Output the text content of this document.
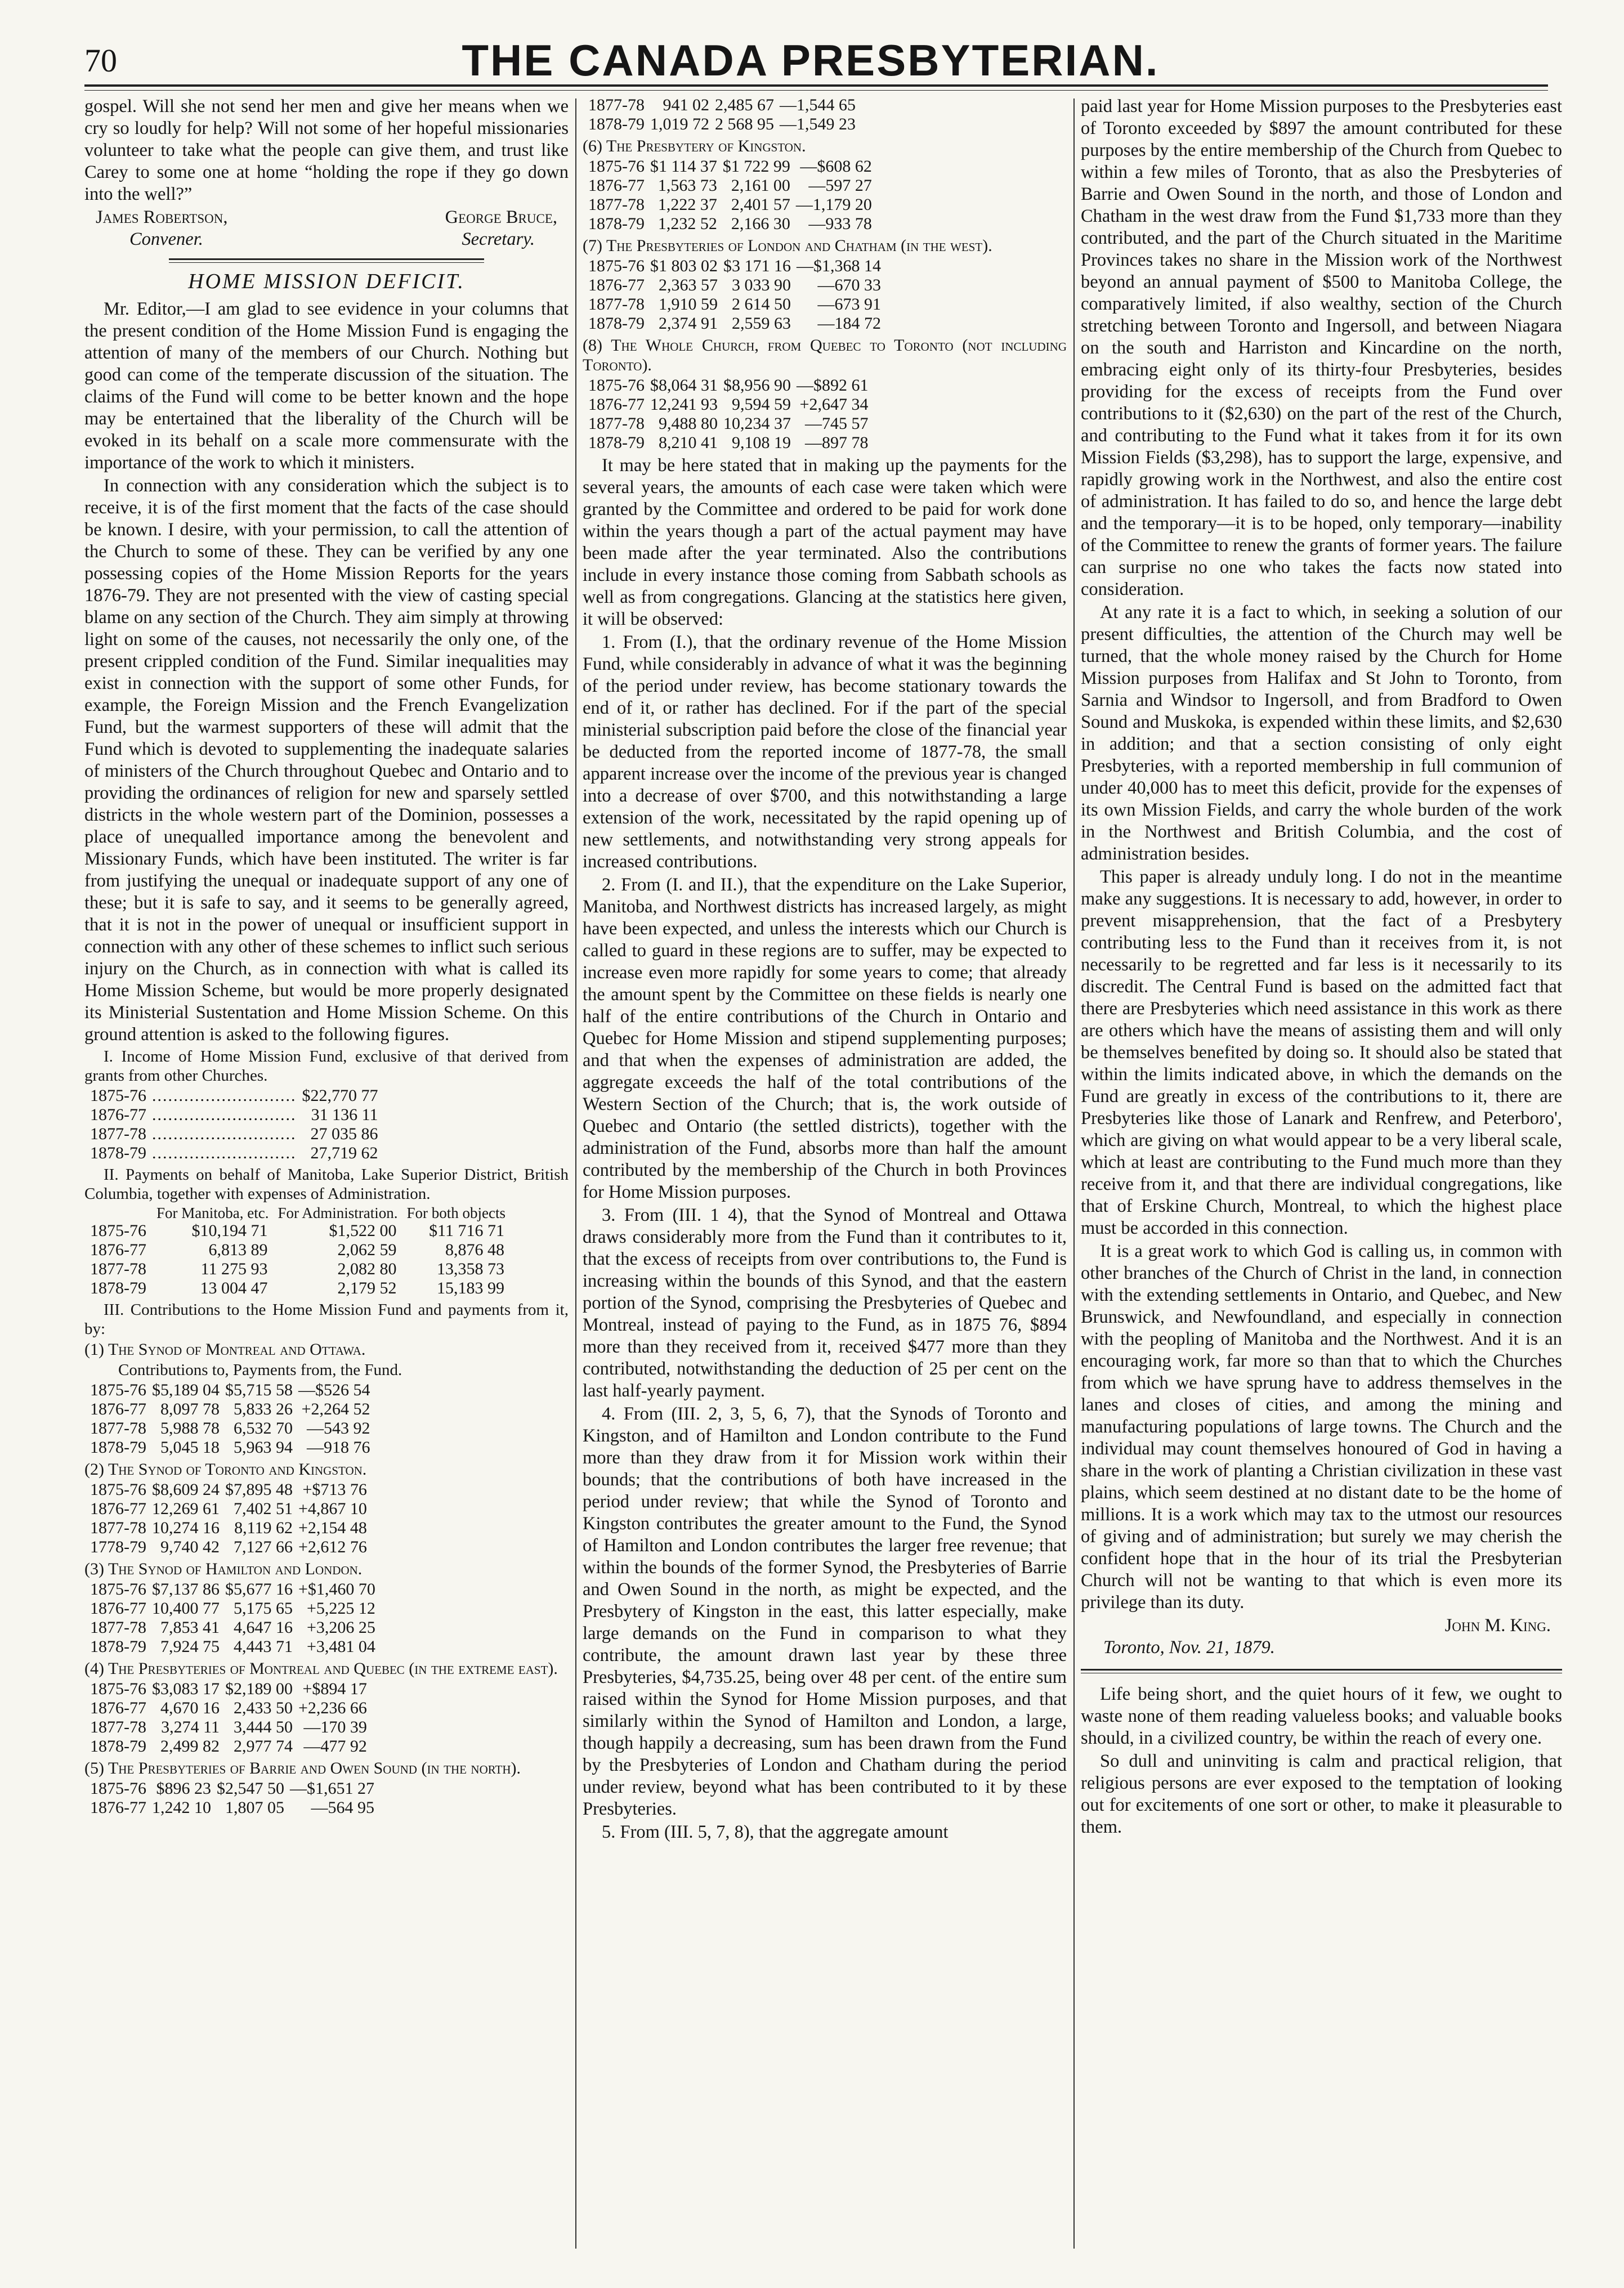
70	THE CANADA PRESBYTERIAN.

gospel. Will she not send her men and give her means when we cry so loudly for help? Will not some of her hopeful missionaries volunteer to take what the people can give them, and trust like Carey to some one at home “holding the rope if they go down into the well?”

James Robertson,	George Bruce,
Convener.	Secretary.
HOME MISSION DEFICIT.

Mr. Editor,—I am glad to see evidence in your columns that the present condition of the Home Mission Fund is engaging the attention of many of the members of our Church. Nothing but good can come of the temperate discussion of the situation. The claims of the Fund will come to be better known and the hope may be entertained that the liberality of the Church will be evoked in its behalf on a scale more commensurate with the importance of the work to which it ministers.

In connection with any consideration which the subject is to receive, it is of the first moment that the facts of the case should be known. I desire, with your permission, to call the attention of the Church to some of these. They can be verified by any one possessing copies of the Home Mission Reports for the years 1876-79. They are not presented with the view of casting special blame on any section of the Church. They aim simply at throwing light on some of the causes, not necessarily the only one, of the present crippled condition of the Fund. Similar inequalities may exist in connection with the support of some other Funds, for example, the Foreign Mission and the French Evangelization Fund, but the warmest supporters of these will admit that the Fund which is devoted to supplementing the inadequate salaries of ministers of the Church throughout Quebec and Ontario and to providing the ordinances of religion for new and sparsely settled districts in the whole western part of the Dominion, possesses a place of unequalled importance among the benevolent and Missionary Funds, which have been instituted. The writer is far from justifying the unequal or inadequate support of any one of these; but it is safe to say, and it seems to be generally agreed, that it is not in the power of unequal or insufficient support in connection with any other of these schemes to inflict such serious injury on the Church, as in connection with what is called its Home Mission Scheme, but would be more properly designated its Ministerial Sustentation and Home Mission Scheme. On this ground attention is asked to the following figures.

I. Income of Home Mission Fund, exclusive of that derived from grants from other Churches.

1875-76	...........................	$22,770 77
1876-77	...........................	31 136 11
1877-78	...........................	27 035 86
1878-79	...........................	27,719 62

II. Payments on behalf of Manitoba, Lake Superior District, British Columbia, together with expenses of Administration.

	For Manitoba, etc.	For Administration.	For both objects
1875-76	$10,194 71	$1,522 00	$11 716 71
1876-77	6,813 89	2,062 59	8,876 48
1877-78	11 275 93	2,082 80	13,358 73
1878-79	13 004 47	2,179 52	15,183 99

III. Contributions to the Home Mission Fund and payments from it, by:

(1) The Synod of Montreal and Ottawa.

Contributions to, Payments from, the Fund.

1875-76	$5,189 04	$5,715 58	—$526 54
1876-77	8,097 78	5,833 26	+2,264 52
1877-78	5,988 78	6,532 70	—543 92
1878-79	5,045 18	5,963 94	—918 76

(2) The Synod of Toronto and Kingston.

1875-76	$8,609 24	$7,895 48	+$713 76
1876-77	12,269 61	7,402 51	+4,867 10
1877-78	10,274 16	8,119 62	+2,154 48
1778-79	9,740 42	7,127 66	+2,612 76

(3) The Synod of Hamilton and London.

1875-76	$7,137 86	$5,677 16	+$1,460 70
1876-77	10,400 77	5,175 65	+5,225 12
1877-78	7,853 41	4,647 16	+3,206 25
1878-79	7,924 75	4,443 71	+3,481 04

(4) The Presbyteries of Montreal and Quebec (in the extreme east).

1875-76	$3,083 17	$2,189 00	+$894 17
1876-77	4,670 16	2,433 50	+2,236 66
1877-78	3,274 11	3,444 50	—170 39
1878-79	2,499 82	2,977 74	—477 92

(5) The Presbyteries of Barrie and Owen Sound (in the north).

1875-76	$896 23	$2,547 50	—$1,651 27
1876-77	1,242 10	1,807 05	—564 95
1877-78	941 02	2,485 67	—1,544 65
1878-79	1,019 72	2 568 95	—1,549 23

(6) The Presbytery of Kingston.

1875-76	$1 114 37	$1 722 99	—$608 62
1876-77	1,563 73	2,161 00	—597 27
1877-78	1,222 37	2,401 57	—1,179 20
1878-79	1,232 52	2,166 30	—933 78

(7) The Presbyteries of London and Chatham (in the west).

1875-76	$1 803 02	$3 171 16	—$1,368 14
1876-77	2,363 57	3 033 90	—670 33
1877-78	1,910 59	2 614 50	—673 91
1878-79	2,374 91	2,559 63	—184 72

(8) The Whole Church, from Quebec to Toronto (not including Toronto).

1875-76	$8,064 31	$8,956 90	—$892 61
1876-77	12,241 93	9,594 59	+2,647 34
1877-78	9,488 80	10,234 37	—745 57
1878-79	8,210 41	9,108 19	—897 78

It may be here stated that in making up the payments for the several years, the amounts of each case were taken which were granted by the Committee and ordered to be paid for work done within the years though a part of the actual payment may have been made after the year terminated. Also the contributions include in every instance those coming from Sabbath schools as well as from congregations. Glancing at the statistics here given, it will be observed:

1. From (I.), that the ordinary revenue of the Home Mission Fund, while considerably in advance of what it was the beginning of the period under review, has become stationary towards the end of it, or rather has declined. For if the part of the special ministerial subscription paid before the close of the financial year be deducted from the reported income of 1877-78, the small apparent increase over the income of the previous year is changed into a decrease of over $700, and this notwithstanding a large extension of the work, necessitated by the rapid opening up of new settlements, and notwithstanding very strong appeals for increased contributions.

2. From (I. and II.), that the expenditure on the Lake Superior, Manitoba, and Northwest districts has increased largely, as might have been expected, and unless the interests which our Church is called to guard in these regions are to suffer, may be expected to increase even more rapidly for some years to come; that already the amount spent by the Committee on these fields is nearly one half of the entire contributions of the Church in Ontario and Quebec for Home Mission and stipend supplementing purposes; and that when the expenses of administration are added, the aggregate exceeds the half of the total contributions of the Western Section of the Church; that is, the work outside of Quebec and Ontario (the settled districts), together with the administration of the Fund, absorbs more than half the amount contributed by the membership of the Church in both Provinces for Home Mission purposes.

3. From (III. 1 4), that the Synod of Montreal and Ottawa draws considerably more from the Fund than it contributes to it, that the excess of receipts from over contributions to, the Fund is increasing within the bounds of this Synod, and that the eastern portion of the Synod, comprising the Presbyteries of Quebec and Montreal, instead of paying to the Fund, as in 1875 76, $894 more than they received from it, received $477 more than they contributed, notwithstanding the deduction of 25 per cent on the last half-yearly payment.

4. From (III. 2, 3, 5, 6, 7), that the Synods of Toronto and Kingston, and of Hamilton and London contribute to the Fund more than they draw from it for Mission work within their bounds; that the contributions of both have increased in the period under review; that while the Synod of Toronto and Kingston contributes the greater amount to the Fund, the Synod of Hamilton and London contributes the larger free revenue; that within the bounds of the former Synod, the Presbyteries of Barrie and Owen Sound in the north, as might be expected, and the Presbytery of Kingston in the east, this latter especially, make large demands on the Fund in comparison to what they contribute, the amount drawn last year by these three Presbyteries, $4,735.25, being over 48 per cent. of the entire sum raised within the Synod for Home Mission purposes, and that similarly within the Synod of Hamilton and London, a large, though happily a decreasing, sum has been drawn from the Fund by the Presbyteries of London and Chatham during the period under review, beyond what has been contributed to it by these Presbyteries.

5. From (III. 5, 7, 8), that the aggregate amount

paid last year for Home Mission purposes to the Presbyteries east of Toronto exceeded by $897 the amount contributed for these purposes by the entire membership of the Church from Quebec to within a few miles of Toronto, that as also the Presbyteries of Barrie and Owen Sound in the north, and those of London and Chatham in the west draw from the Fund $1,733 more than they contributed, and the part of the Church situated in the Maritime Provinces takes no share in the Mission work of the Northwest beyond an annual payment of $500 to Manitoba College, the comparatively limited, if also wealthy, section of the Church stretching between Toronto and Ingersoll, and between Niagara on the south and Harriston and Kincardine on the north, embracing eight only of its thirty-four Presbyteries, besides providing for the excess of receipts from the Fund over contributions to it ($2,630) on the part of the rest of the Church, and contributing to the Fund what it takes from it for its own Mission Fields ($3,298), has to support the large, expensive, and rapidly growing work in the Northwest, and also the entire cost of administration. It has failed to do so, and hence the large debt and the temporary—it is to be hoped, only temporary—inability of the Committee to renew the grants of former years. The failure can surprise no one who takes the facts now stated into consideration.

At any rate it is a fact to which, in seeking a solution of our present difficulties, the attention of the Church may well be turned, that the whole money raised by the Church for Home Mission purposes from Halifax and St John to Toronto, from Sarnia and Windsor to Ingersoll, and from Bradford to Owen Sound and Muskoka, is expended within these limits, and $2,630 in addition; and that a section consisting of only eight Presbyteries, with a reported membership in full communion of under 40,000 has to meet this deficit, provide for the expenses of its own Mission Fields, and carry the whole burden of the work in the Northwest and British Columbia, and the cost of administration besides.

This paper is already unduly long. I do not in the meantime make any suggestions. It is necessary to add, however, in order to prevent misapprehension, that the fact of a Presbytery contributing less to the Fund than it receives from it, is not necessarily to be regretted and far less is it necessarily to its discredit. The Central Fund is based on the admitted fact that there are Presbyteries which need assistance in this work as there are others which have the means of assisting them and will only be themselves benefited by doing so. It should also be stated that within the limits indicated above, in which the demands on the Fund are greatly in excess of the contributions to it, there are Presbyteries like those of Lanark and Renfrew, and Peterboro', which are giving on what would appear to be a very liberal scale, which at least are contributing to the Fund much more than they receive from it, and that there are individual congregations, like that of Erskine Church, Montreal, to which the highest place must be accorded in this connection.

It is a great work to which God is calling us, in common with other branches of the Church of Christ in the land, in connection with the extending settlements in Ontario, and Quebec, and New Brunswick, and Newfoundland, and especially in connection with the peopling of Manitoba and the Northwest. And it is an encouraging work, far more so than that to which the Churches from which we have sprung have to address themselves in the lanes and closes of cities, and among the mining and manufacturing populations of large towns. The Church and the individual may count themselves honoured of God in having a share in the work of planting a Christian civilization in these vast plains, which seem destined at no distant date to be the home of millions. It is a work which may tax to the utmost our resources of giving and of administration; but surely we may cherish the confident hope that in the hour of its trial the Presbyterian Church will not be wanting to that which is even more its privilege than its duty.

John M. King.
Toronto, Nov. 21, 1879.

Life being short, and the quiet hours of it few, we ought to waste none of them reading valueless books; and valuable books should, in a civilized country, be within the reach of every one.

So dull and uninviting is calm and practical religion, that religious persons are ever exposed to the temptation of looking out for excitements of one sort or other, to make it pleasurable to them.
